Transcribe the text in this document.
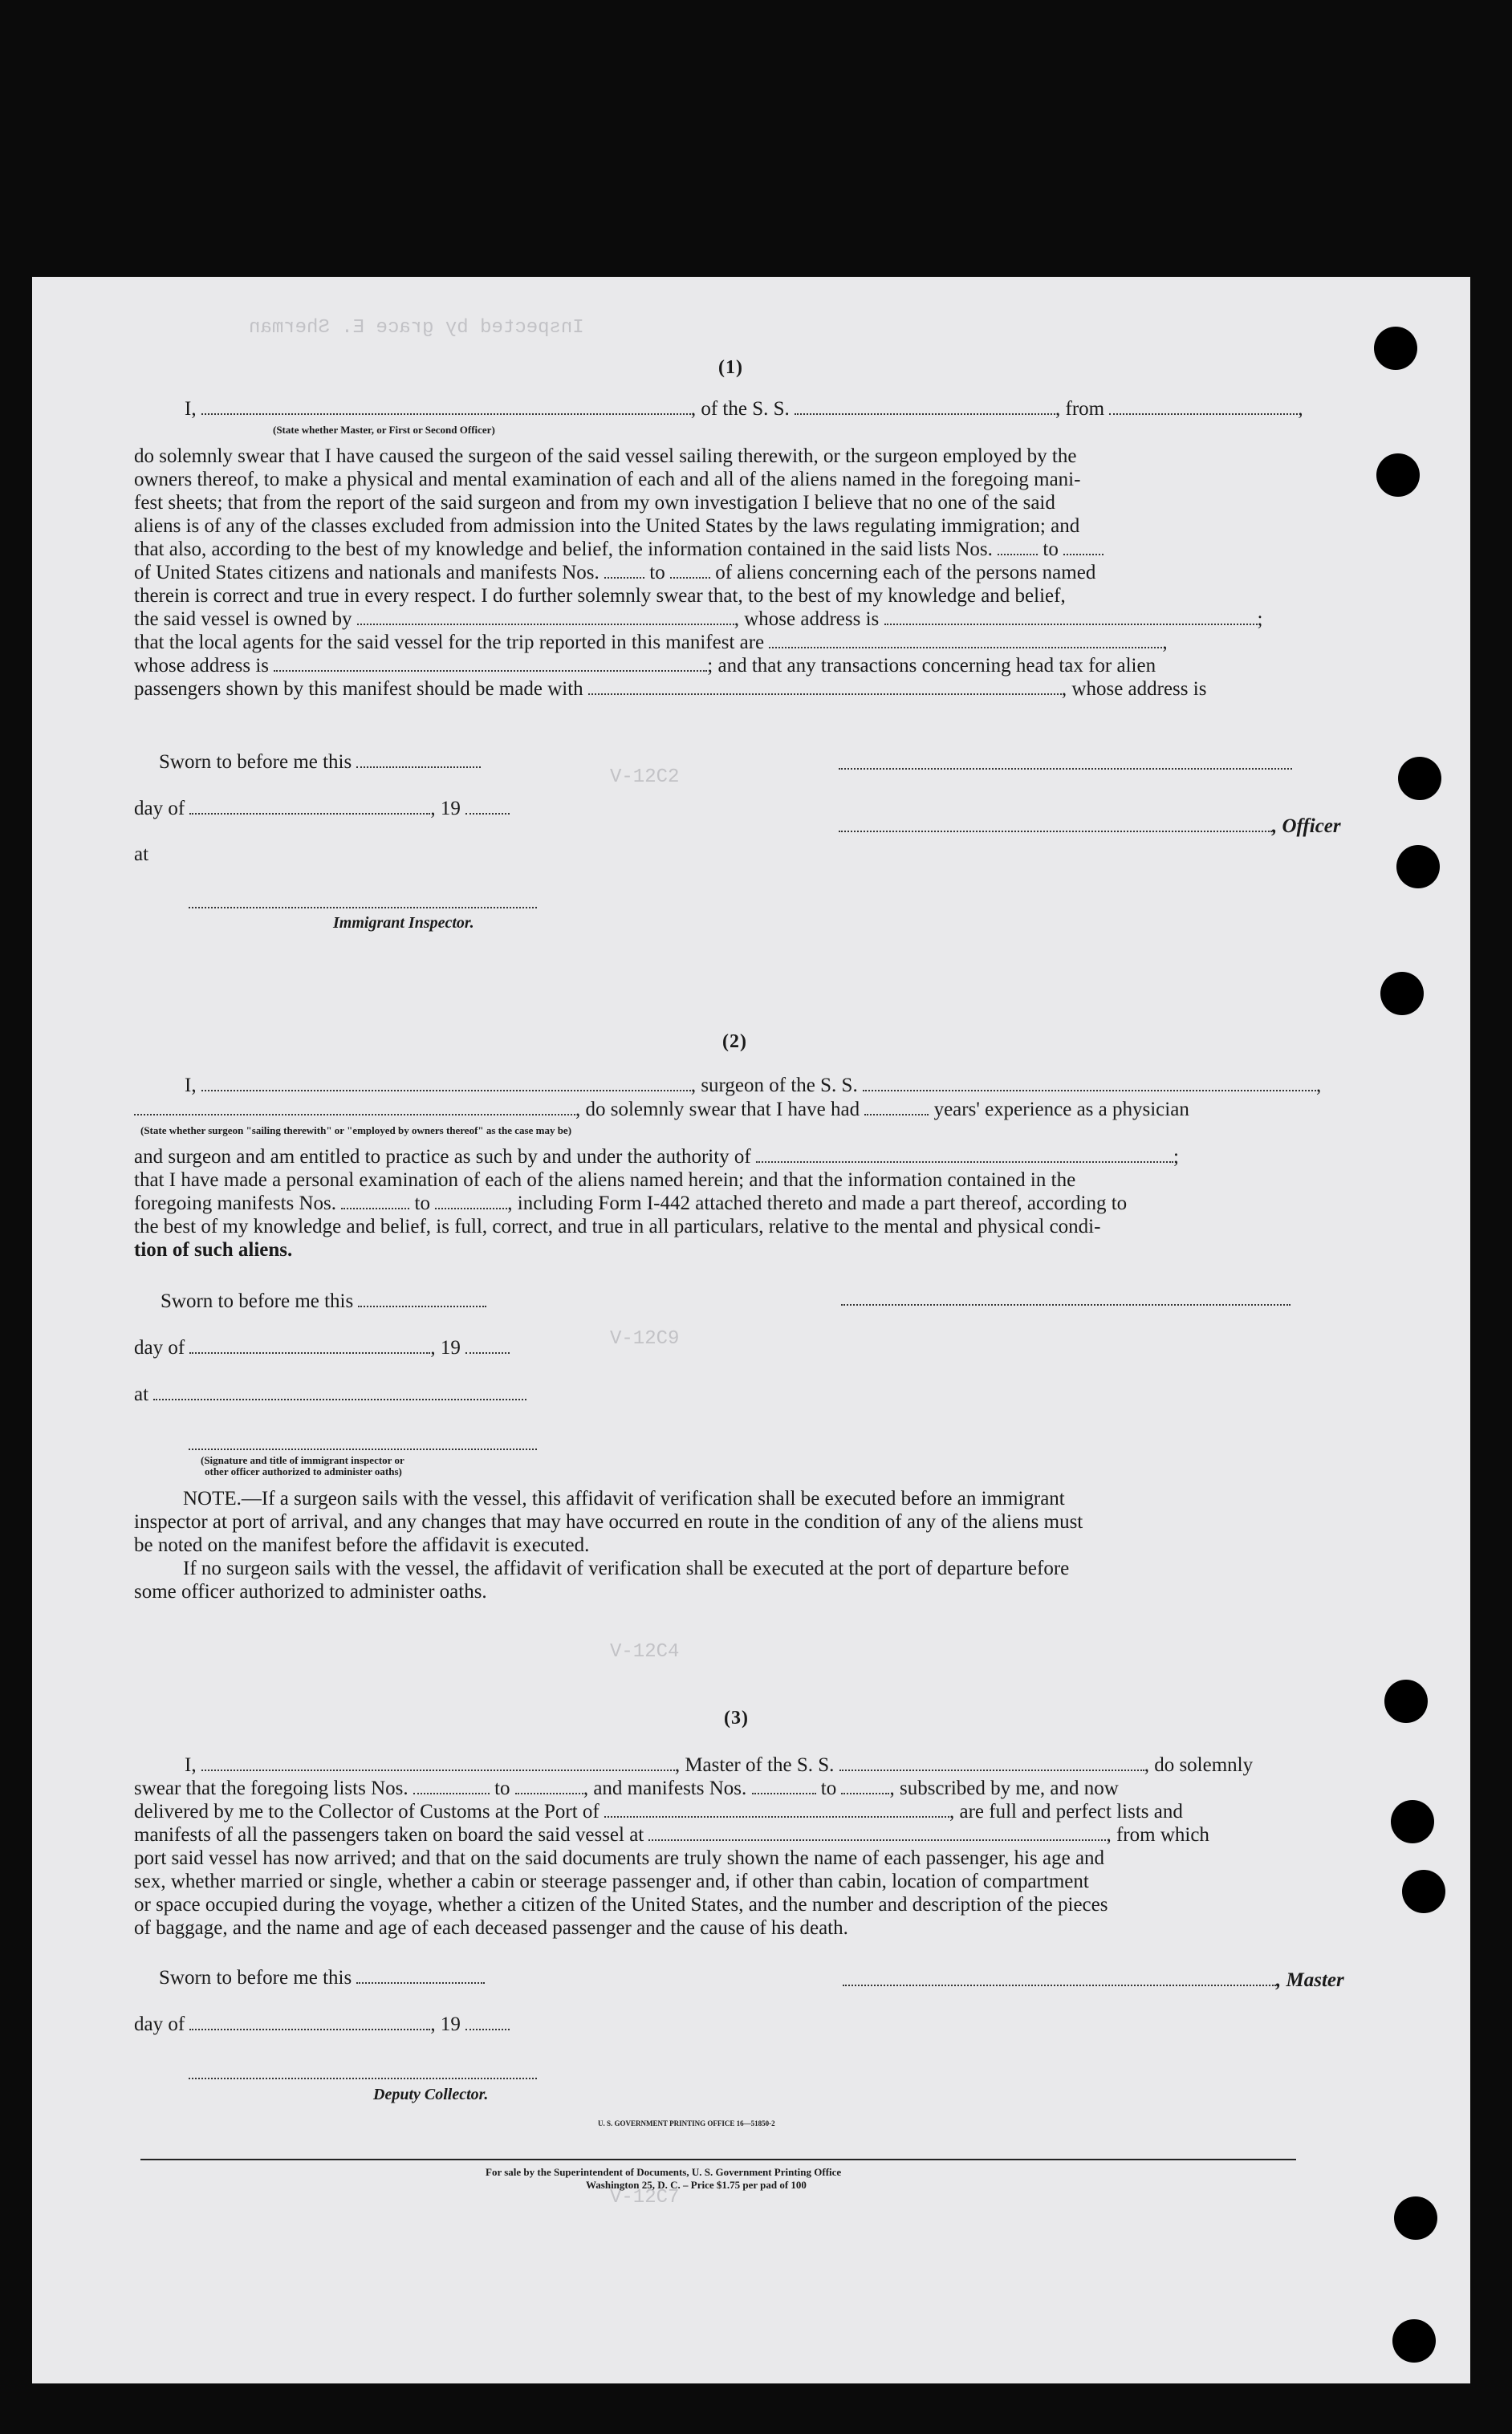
Inspected by grace E. Sherman
V-12C2
V-12C9
V-12C4
V-12C7
(1)
I,	, of the S. S.	, from	,
(State whether Master, or First or Second Officer)
do solemnly swear that I have caused the surgeon of the said vessel sailing therewith, or the surgeon employed by the
owners thereof, to make a physical and mental examination of each and all of the aliens named in the foregoing mani-
fest sheets; that from the report of the said surgeon and from my own investigation I believe that no one of the said
aliens is of any of the classes excluded from admission into the United States by the laws regulating immigration; and
that also, according to the best of my knowledge and belief, the information contained in the said lists Nos.	to
of United States citizens and nationals and manifests Nos.	to	of aliens concerning each of the persons named
therein is correct and true in every respect. I do further solemnly swear that, to the best of my knowledge and belief,
the said vessel is owned by	, whose address is	;
that the local agents for the said vessel for the trip reported in this manifest are	,
whose address is	; and that any transactions concerning head tax for alien
passengers shown by this manifest should be made with	, whose address is
Sworn to before me this
day of	, 19
at
Immigrant Inspector.
, Officer
(2)
I,	, surgeon of the S. S.	,
, do solemnly swear that I have had	years' experience as a physician
(State whether surgeon "sailing therewith" or "employed by owners thereof" as the case may be)
and surgeon and am entitled to practice as such by and under the authority of	;
that I have made a personal examination of each of the aliens named herein; and that the information contained in the
foregoing manifests Nos.	to	, including Form I-442 attached thereto and made a part thereof, according to
the best of my knowledge and belief, is full, correct, and true in all particulars, relative to the mental and physical condi-
tion of such aliens.
Sworn to before me this
day of	, 19
at
(Signature and title of immigrant inspector or
other officer authorized to administer oaths)
NOTE.—If a surgeon sails with the vessel, this affidavit of verification shall be executed before an immigrant
inspector at port of arrival, and any changes that may have occurred en route in the condition of any of the aliens must
be noted on the manifest before the affidavit is executed.
If no surgeon sails with the vessel, the affidavit of verification shall be executed at the port of departure before
some officer authorized to administer oaths.
(3)
I,	, Master of the S. S.	, do solemnly
swear that the foregoing lists Nos.	to	, and manifests Nos.	to	, subscribed by me, and now
delivered by me to the Collector of Customs at the Port of	, are full and perfect lists and
manifests of all the passengers taken on board the said vessel at	, from which
port said vessel has now arrived; and that on the said documents are truly shown the name of each passenger, his age and
sex, whether married or single, whether a cabin or steerage passenger and, if other than cabin, location of compartment
or space occupied during the voyage, whether a citizen of the United States, and the number and description of the pieces
of baggage, and the name and age of each deceased passenger and the cause of his death.
Sworn to before me this
day of	, 19
Deputy Collector.
, Master
U. S. GOVERNMENT PRINTING OFFICE 16—51850-2
For sale by the Superintendent of Documents, U. S. Government Printing Office
Washington 25, D. C. – Price $1.75 per pad of 100
